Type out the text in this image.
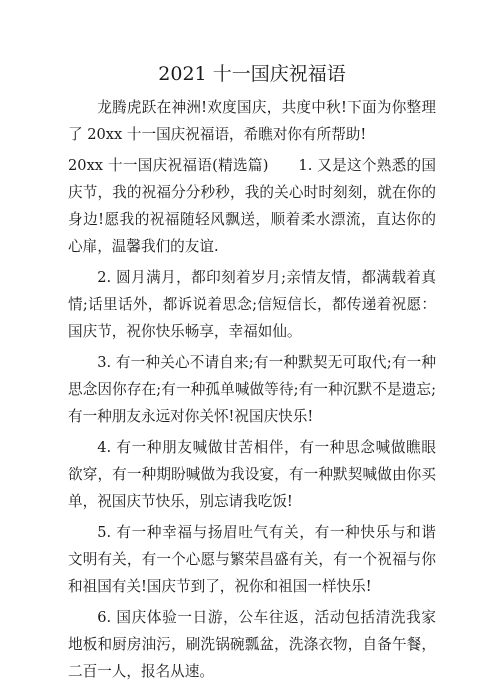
2021 十一国庆祝福语

龙腾虎跃在神洲!欢度国庆，共度中秋!下面为你整理了 20xx 十一国庆祝福语，希瞧对你有所帮助!

20xx 十一国庆祝福语(精选篇)　　1. 又是这个熟悉的国庆节，我的祝福分分秒秒，我的关心时时刻刻，就在你的身边!愿我的祝福随轻风飘送，顺着柔水漂流，直达你的心扉，温馨我们的友谊.

2. 圆月满月，都印刻着岁月;亲情友情，都满载着真情;话里话外，都诉说着思念;信短信长，都传递着祝愿：国庆节，祝你快乐畅享，幸福如仙。

3. 有一种关心不请自来;有一种默契无可取代;有一种思念因你存在;有一种孤单喊做等待;有一种沉默不是遗忘;有一种朋友永远对你关怀!祝国庆快乐!

4. 有一种朋友喊做甘苦相伴，有一种思念喊做瞧眼欲穿，有一种期盼喊做为我设宴，有一种默契喊做由你买单，祝国庆节快乐，别忘请我吃饭!

5. 有一种幸福与扬眉吐气有关，有一种快乐与和谐文明有关，有一个心愿与繁荣昌盛有关，有一个祝福与你和祖国有关!国庆节到了，祝你和祖国一样快乐!

6. 国庆体验一日游，公车往返，活动包括清洗我家地板和厨房油污，刷洗锅碗瓢盆，洗涤衣物，自备午餐，二百一人，报名从速。
